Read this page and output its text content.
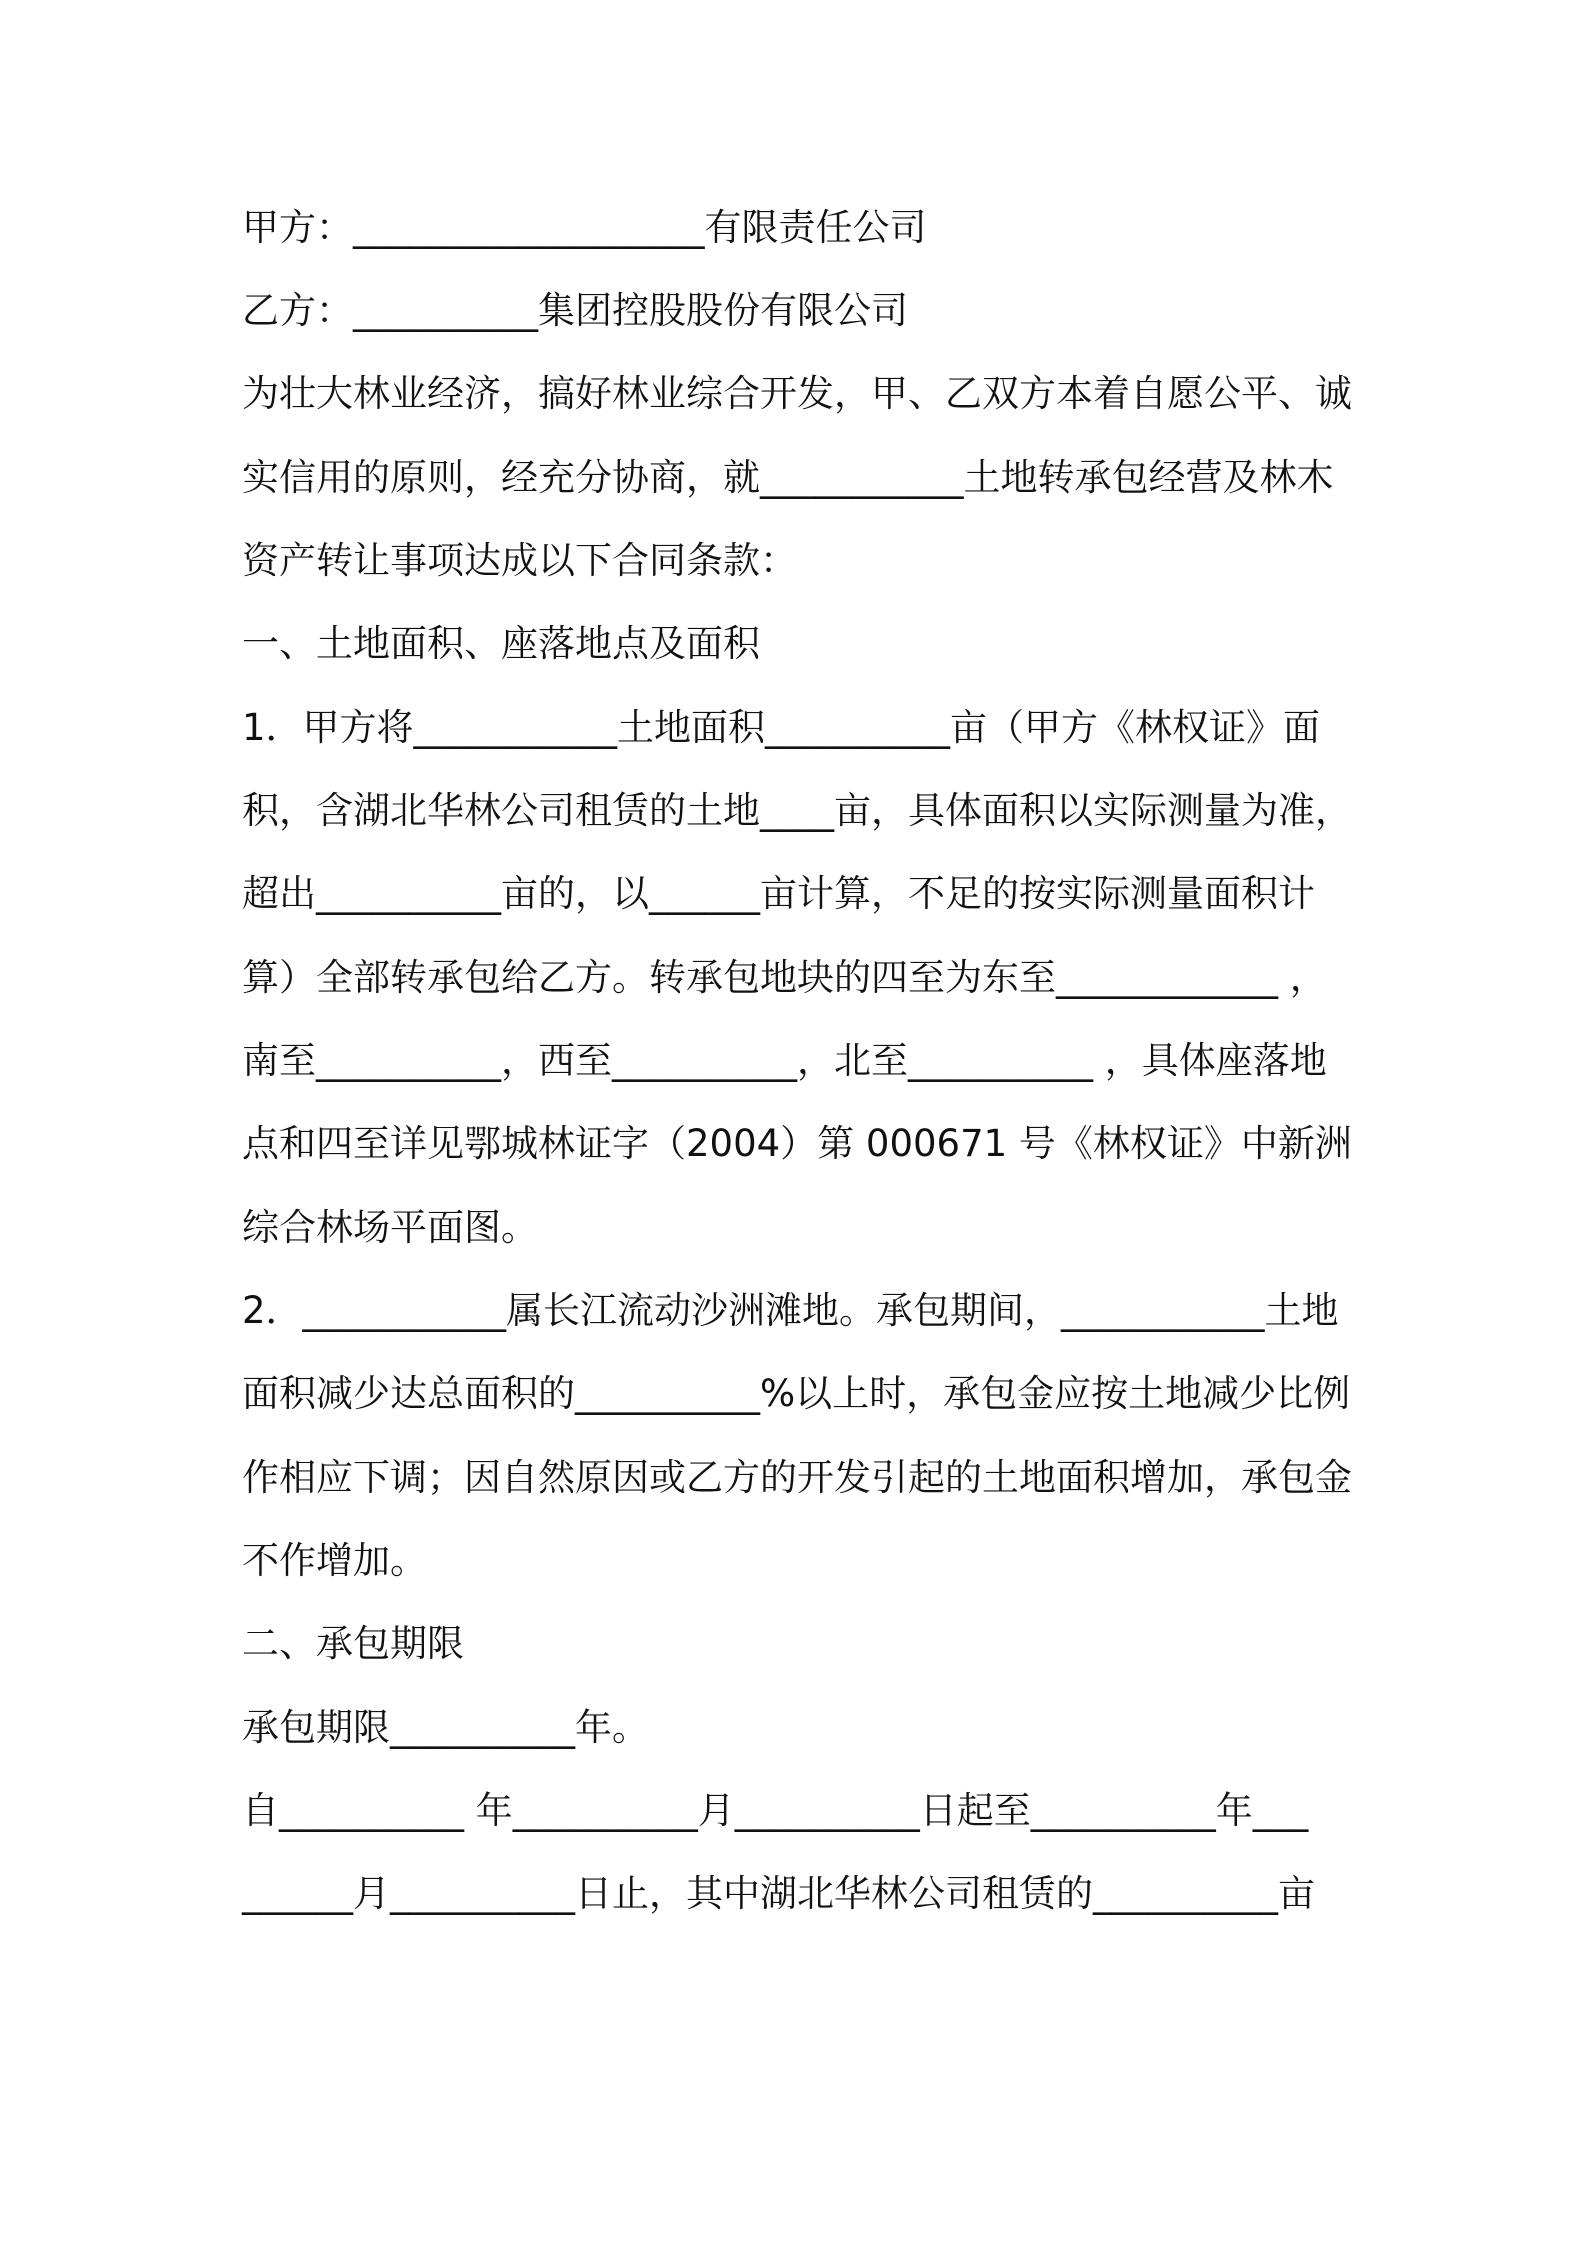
甲方：___________________有限责任公司
乙方：__________集团控股股份有限公司
为壮大林业经济，搞好林业综合开发，甲、乙双方本着自愿公平、诚
实信用的原则，经充分协商，就___________土地转承包经营及林木
资产转让事项达成以下合同条款：
一、土地面积、座落地点及面积
1．甲方将___________土地面积__________亩（甲方《林权证》面
积，含湖北华林公司租赁的土地____亩，具体面积以实际测量为准，
超出__________亩的，以______亩计算，不足的按实际测量面积计
算）全部转承包给乙方。转承包地块的四至为东至____________ ，
南至__________，西至__________，北至__________ ，具体座落地
点和四至详见鄂城林证字（2004）第 000671 号《林权证》中新洲
综合林场平面图。
2．___________属长江流动沙洲滩地。承包期间，___________土地
面积减少达总面积的__________%以上时，承包金应按土地减少比例
作相应下调；因自然原因或乙方的开发引起的土地面积增加，承包金
不作增加。
二、承包期限
承包期限__________年。
自__________ 年__________月__________日起至__________年___
______月__________日止，其中湖北华林公司租赁的__________亩
